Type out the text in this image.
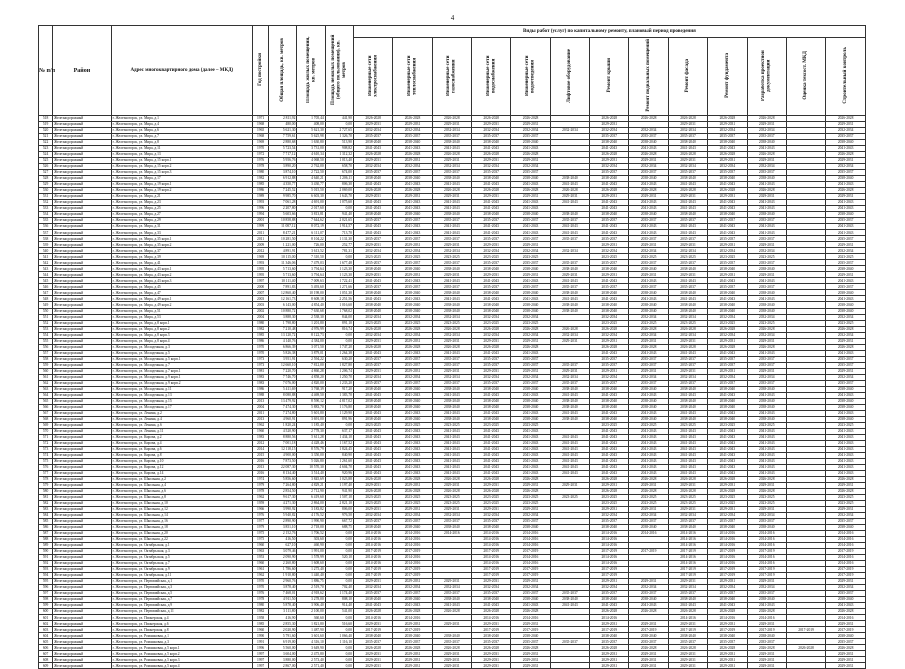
4
№ п/п	Район	Адрес многоквартирного дома (далее – МКД)	Год постройки	Общая площадь, кв. метров	Площадь жилых помещений, кв. метров	Площадь нежилых помещений (общего пользования), кв. метров	Виды работ (услуг) по капитальному ремонту, плановый период проведения												
							Инженерные сети электроснабжения	Инженерные сети теплоснабжения	Инженерные сети газоснабжения	Инженерные сети водоснабжения	Инженерные сети водоотведения	Лифтовое оборудование	Ремонт крыши	Ремонт подвальных помещений	Ремонт фасада	Ремонт фундамента	Разработка проектной документации	Оценка техсост. МКД	Строительный контроль
518	Железнодорожный	г. Железногорск, ул. Мира, д.1	1971	2 811,92	1 705,44	441,90	2026-2028	2026-2028	2026-2028	2026-2028	2026-2028		2026-2028	2026-2028	2026-2028	2026-2028	2026-2028		2026-2028
519	Железнодорожный	г. Железногорск, ул. Мира, д.4	1968	480,00	408,00	0,00	2029-2031	2029-2031	2029-2031	2029-2031	2029-2031		2029-2031		2029-2031	2029-2031	2029-2031		2029-2031
520	Железнодорожный	г. Железногорск, ул. Мира, д.6	1965	5 621,30	5 621,30	2 727,65	2032-2034	2032-2034	2032-2034	2032-2034	2032-2034	2032-2034	2032-2034	2032-2034	2032-2034	2032-2034	2032-2034		2032-2034
521	Железнодорожный	г. Железногорск, ул. Мира, д.7	1968	7 759,61	5 625,98	1 326,70	2035-2037	2035-2037	2035-2037	2035-2037	2035-2037		2035-2037	2035-2037	2035-2037	2035-2037	2035-2037		2035-2037
522	Железнодорожный	г. Железногорск, ул. Мира, д.8	1969	2 880,68	1 630,80	513,90	2038-2040	2038-2040	2038-2040	2038-2040	2038-2040		2038-2040	2038-2040	2038-2040	2038-2040	2038-2040		2038-2040
523	Железнодорожный	г. Железногорск, ул. Мира, д.11	1970	5 723,54	3 731,00	908,82	2041-2043	2041-2043	2041-2043	2041-2043	2041-2043		2041-2043	2041-2043	2041-2043	2041-2043	2041-2043		2041-2043
524	Железнодорожный	г. Железногорск, ул. Мира, д.13	1972	7 717,12	4 610,34	1 312,32	2026-2028	2026-2028	2026-2028	2026-2028	2026-2028		2026-2028	2026-2028	2026-2028	2026-2028	2026-2028		2026-2028
525	Железнодорожный	г. Железногорск, ул. Мира, д.15 корп.1	1976	5 956,76	4 068,50	1 013,40	2029-2031	2029-2031	2029-2031	2029-2031	2029-2031		2029-2031	2029-2031	2029-2031	2029-2031	2029-2031		2029-2031
526	Железнодорожный	г. Железногорск, ул. Мира, д.15 корп.2	1978	3 890,20	2 762,00	658,70	2032-2034	2032-2034	2032-2034	2032-2034	2032-2034		2032-2034	2032-2034	2032-2034	2032-2034	2032-2034		2032-2034
527	Железнодорожный	г. Железногорск, ул. Мира, д.15 корп.3	1980	3 874,10	2 722,50	674,00	2035-2037	2035-2037	2035-2037	2035-2037	2035-2037		2035-2037	2035-2037	2035-2037	2035-2037	2035-2037		2035-2037
528	Железнодорожный	г. Железногорск, ул. Мира, д.17	1982	6 912,88	4 640,21	1 206,11	2038-2040	2038-2040	2038-2040	2038-2040	2038-2040	2038-2040	2038-2040	2038-2040	2038-2040	2038-2040	2038-2040		2038-2040
529	Железнодорожный	г. Железногорск, ул. Мира, д.19 корп.1	1985	4 350,77	3 430,77	806,30	2041-2043	2041-2043	2041-2043	2041-2043	2041-2043	2041-2043	2041-2043	2041-2043	2041-2043	2041-2043	2041-2043		2041-2043
530	Железнодорожный	г. Железногорск, ул. Мира, д.19 корп.2	1986	7 245,52	5 015,50	2 069,00	2026-2028	2026-2028	2026-2028	2026-2028	2026-2028	2026-2028	2026-2028	2026-2028	2026-2028	2026-2028	2026-2028		2026-2028
531	Железнодорожный	г. Железногорск, ул. Мира, д.21	1989	9 985,70	6 603,30	1 643,70	2029-2031	2029-2031	2029-2031	2029-2031	2029-2031	2029-2031	2029-2031	2029-2031	2029-2031	2029-2031	2029-2031		2029-2031
532	Железнодорожный	г. Железногорск, ул. Мира, д.23	1993	7 061,28	4 691,00	1 075,60	2041-2043	2041-2043	2041-2043	2041-2043	2041-2043	2041-2043	2041-2043	2041-2043	2041-2043	2041-2043	2041-2043		2041-2043
533	Железнодорожный	г. Железногорск, ул. Мира, д.25	1996	2 207,80	2 017,60	0,00	2041-2043	2041-2043	2041-2043	2041-2043	2041-2043		2041-2043	2041-2043	2041-2043	2041-2043	2041-2043		2041-2043
534	Железнодорожный	г. Железногорск, ул. Мира, д.27	1994	5 603,66	3 813,81	941,40	2038-2040	2038-2040	2038-2040	2038-2040	2038-2040	2038-2040	2038-2040	2038-2040	2038-2040	2038-2040	2038-2040		2038-2040
535	Железнодорожный	г. Железногорск, ул. Мира, д.29	2001	10 858,88	7 644,62	2 021,65	2035-2037	2035-2037	2035-2037	2035-2037	2035-2037	2035-2037	2035-2037	2035-2037	2035-2037	2035-2037	2035-2037		2035-2037
536	Железнодорожный	г. Железногорск, ул. Мира, д.31	1999	11 087,12	8 072,19	1 914,57	2041-2043	2041-2043	2041-2043	2041-2043	2041-2043	2041-2043	2041-2043	2041-2043	2041-2043	2041-2043	2041-2043		2041-2043
537	Железнодорожный	г. Железногорск, ул. Мира, д.33	2011	8 477,21	6 111,07	713,70	2041-2043	2041-2043	2041-2043	2041-2043	2041-2043	2041-2043	2041-2043	2041-2043	2041-2043	2041-2043	2041-2043		2041-2043
538	Железнодорожный	г. Железногорск, ул. Мира, д.35 корп.1	2011	10 281,50	8 104,22	1 131,30	2035-2037	2035-2037	2035-2037	2035-2037	2035-2037	2035-2037	2035-2037	2035-2037	2035-2037	2035-2037	2035-2037		2035-2037
539	Железнодорожный	г. Железногорск, ул. Мира, д.35 корп.2	2009	1 221,00	726,00	252,77	2029-2031	2029-2031	2029-2031	2029-2031	2029-2031		2029-2031	2029-2031	2029-2031	2029-2031	2029-2031		2029-2031
540	Железнодорожный	г. Железногорск, ул. Мира, д.37	2012	4 891,91	3 613,52	781,31	2032-2034	2032-2034	2032-2034	2032-2034	2032-2034	2032-2034	2032-2034	2032-2034	2032-2034	2032-2034	2032-2034		2032-2034
541	Железнодорожный	г. Железногорск, ул. Мира, д.39	1969	10 115,00	7 310,50	0,00	2023-2025	2023-2025	2023-2025	2023-2025	2023-2025		2023-2025	2023-2025	2023-2025	2023-2025	2023-2025		2023-2025
542	Железнодорожный	г. Железногорск, ул. Мира, д.41	1993	11 346,06	7 479,03	1 677,48	2035-2037	2035-2037	2035-2037	2035-2037	2035-2037	2035-2037	2035-2037	2035-2037	2035-2037	2035-2037	2035-2037		2035-2037
543	Железнодорожный	г. Железногорск, ул. Мира, д.43 корп.1	1995	5 713,60	3 794,64	1 123,30	2038-2040	2038-2040	2038-2040	2038-2040	2038-2040	2038-2040	2038-2040	2038-2040	2038-2040	2038-2040	2038-2040		2038-2040
544	Железнодорожный	г. Железногорск, ул. Мира, д.43 корп.2	1995	5 713,60	3 794,64	1 123,30	2029-2031	2029-2031	2029-2031	2029-2031	2029-2031	2029-2031	2029-2031	2029-2031	2029-2031	2029-2031	2029-2031		2029-2031
545	Железнодорожный	г. Железногорск, ул. Мира, д.43 корп.3	1997	10 111,40	7 009,63	1 722,41	2041-2043	2041-2043	2041-2043	2041-2043	2041-2043	2041-2043	2041-2043	2041-2043	2041-2043	2041-2043	2041-2043		2041-2043
546	Железнодорожный	г. Железногорск, ул. Мира, д.45	2000	7 891,83	5 493,60	1 271,66	2035-2037	2035-2037	2035-2037	2035-2037	2035-2037	2035-2037	2035-2037	2035-2037	2035-2037	2035-2037	2035-2037		2035-2037
547	Железнодорожный	г. Железногорск, ул. Мира, д.47	2007	12 860,40	10 198,00	1 051,30	2038-2040	2038-2040	2038-2040	2038-2040	2038-2040	2038-2040	2038-2040	2038-2040	2038-2040	2038-2040	2038-2040		2038-2040
548	Железнодорожный	г. Железногорск, ул. Мира, д.49 корп.1	2003	12 161,73	8 608,18	2 251,56	2041-2043	2041-2043	2041-2043	2041-2043	2041-2043	2041-2043	2041-2043	2041-2043	2041-2043	2041-2043	2041-2043		2041-2043
549	Железнодорожный	г. Железногорск, ул. Мира, д.49 корп.2	2003	6 143,00	4 854,40	1 016,60	2038-2040	2038-2040	2038-2040	2038-2040	2038-2040	2038-2040	2038-2040	2038-2040	2038-2040	2038-2040	2038-2040		2038-2040
550	Железнодорожный	г. Железногорск, ул. Мира, д.51	2002	10 880,72	7 630,68	1 768,02	2038-2040	2038-2040	2038-2040	2038-2040	2038-2040	2038-2040	2038-2040	2038-2040	2038-2040	2038-2040	2038-2040		2038-2040
551	Железнодорожный	г. Железногорск, ул. Мира, д.53	2004	3 888,30	2 538,30	844,00	2032-2034	2032-2034	2032-2034	2032-2034	2032-2034		2032-2034	2032-2034	2032-2034	2032-2034	2032-2034		2032-2034
552	Железнодорожный	г. Железногорск, ул. Мира, д.8 корп.1	1980	1 798,80	1 201,80	891,10	2023-2025	2023-2025	2023-2025	2023-2025	2023-2025		2023-2025	2023-2025	2023-2025	2023-2025	2023-2025		2023-2025
553	Железнодорожный	г. Железногорск, ул. Мира, д.8 корп.2	1982	7 210,48	4 976,99	816,74	2026-2028	2026-2028	2026-2028	2026-2028	2026-2028	2026-2028	2026-2028	2026-2028	2026-2028	2026-2028	2026-2028		2026-2028
554	Железнодорожный	г. Железногорск, ул. Мира, д.8 корп.3	1985	13 120,72	8 122,73	0,00	2032-2034	2032-2034	2032-2034	2032-2034	2032-2034	2032-2034	2032-2034	2032-2034	2032-2034	2032-2034	2032-2034		2032-2034
555	Железнодорожный	г. Железногорск, ул. Мира, д.8 корп.4	1986	4 140,76	4 384,00	0,00	2029-2031	2029-2031	2029-2031	2029-2031	2029-2031	2029-2031	2029-2031	2029-2031	2029-2031	2029-2031	2029-2031		2029-2031
556	Железнодорожный	г. Железногорск, ул. Молодежная, д.3	1970	6 866,39	3 071,50	1 747,20	2026-2028	2026-2028	2026-2028	2026-2028	2026-2028		2026-2028	2026-2028	2026-2028	2026-2028	2026-2028		2026-2028
557	Железнодорожный	г. Железногорск, ул. Молодежная, д.5	1970	5 826,38	3 879,01	1 264,38	2041-2043	2041-2043	2041-2043	2041-2043	2041-2043		2041-2043	2041-2043	2041-2043	2041-2043	2041-2043		2041-2043
558	Железнодорожный	г. Железногорск, ул. Молодежная, д.5 корп.1	1973	3 951,91	2 594,22	630,20	2035-2037	2035-2037	2035-2037	2035-2037	2035-2037		2035-2037	2035-2037	2035-2037	2035-2037	2035-2037		2035-2037
559	Железнодорожный	г. Железногорск, ул. Молодежная, д.7	1973	12 660,10	7 812,00	1 827,80	2035-2037	2035-2037	2035-2037	2035-2037	2035-2037	2035-2037	2035-2037	2035-2037	2035-2037	2035-2037	2035-2037		2035-2037
560	Железнодорожный	г. Железногорск, ул. Молодежная, д.7 корп.1	1981	7 220,70	4 860,28	1 206,74	2029-2031	2029-2031	2029-2031	2029-2031	2029-2031	2029-2031	2029-2031	2029-2031	2029-2031	2029-2031	2029-2031		2029-2031
561	Железнодорожный	г. Железногорск, ул. Молодежная, д.9 корп.1	1983	7 746,70	4 858,20	1 250,70	2032-2034	2032-2034	2032-2034	2032-2034	2032-2034	2032-2034	2032-2034	2032-2034	2032-2034	2032-2034	2032-2034		2032-2034
562	Железнодорожный	г. Железногорск, ул. Молодежная, д.9 корп.2	1983	7 076,00	4 820,00	1 233,20	2035-2037	2035-2037	2035-2037	2035-2037	2035-2037	2035-2037	2035-2037	2035-2037	2035-2037	2035-2037	2035-2037		2035-2037
563	Железнодорожный	г. Железногорск, ул. Молодежная, д.11	1986	5 411,69	3 768,39	917,20	2038-2040	2038-2040	2038-2040	2038-2040	2038-2040	2038-2040	2038-2040	2038-2040	2038-2040	2038-2040	2038-2040		2038-2040
564	Железнодорожный	г. Железногорск, ул. Молодежная, д.13	1988	8 080,88	4 469,50	1 383,70	2041-2043	2041-2043	2041-2043	2041-2043	2041-2043	2041-2043	2041-2043	2041-2043	2041-2043	2041-2043	2041-2043		2041-2043
565	Железнодорожный	г. Железногорск, ул. Молодежная, д.15	2013	13 479,92	8 590,12	4 817,02	2038-2040	2038-2040	2038-2040	2038-2040	2038-2040	2038-2040	2038-2040	2038-2040	2038-2040	2038-2040	2038-2040		2038-2040
566	Железнодорожный	г. Железногорск, ул. Молодежная, д.17	2004	7 474,30	5 883,70	1 176,80	2038-2040	2038-2040	2038-2040	2038-2040	2038-2040	2038-2040	2038-2040	2038-2040	2038-2040	2038-2040	2038-2040		2038-2040
567	Железнодорожный	г. Железногорск, ул. Ленина, д.2	2011	7 274,80	5 601,80	1 129,90	2041-2043	2041-2043	2041-2043	2041-2043	2041-2043	2041-2043	2041-2043	2041-2043	2041-2043	2041-2043	2041-2043		2041-2043
568	Железнодорожный	г. Железногорск, ул. Ленина, д.4	2013	4 960,91	3 691,00	891,96	2038-2040	2038-2040	2038-2040	2038-2040	2038-2040	2038-2040	2038-2040	2038-2040	2038-2040	2038-2040	2038-2040		2038-2040
569	Железнодорожный	г. Железногорск, ул. Ленина, д.6	1962	1 820,24	1 185,40	0,00	2023-2025	2023-2025	2023-2025	2023-2025	2023-2025		2023-2025	2023-2025	2023-2025	2023-2025	2023-2025		2023-2025
570	Железнодорожный	г. Железногорск, ул. Ленина, д.11	1960	4 520,90	2 778,30	637,17	2041-2043	2041-2043	2041-2043	2041-2043	2041-2043		2041-2043	2041-2043	2041-2043	2041-2043	2041-2043		2041-2043
571	Железнодорожный	г. Железногорск, ул. Кирова, д.2	1983	8 880,56	5 611,28	1 434,10	2041-2043	2041-2043	2041-2043	2041-2043	2041-2043	2041-2043	2041-2043	2041-2043	2041-2043	2041-2043	2041-2043		2041-2043
572	Железнодорожный	г. Железногорск, ул. Кирова, д.4	2012	7 001,18	4 428,46	1 167,52	2041-2043	2041-2043	2041-2043	2041-2043	2041-2043	2041-2043	2041-2043	2041-2043	2041-2043	2041-2043	2041-2043		2041-2043
573	Железнодорожный	г. Железногорск, ул. Кирова, д.6	2014	12 118,15	8 576,79	1 824,45	2041-2043	2041-2043	2041-2043	2041-2043	2041-2043	2041-2043	2041-2043	2041-2043	2041-2043	2041-2043	2041-2043		2041-2043
574	Железнодорожный	г. Железногорск, ул. Кирова, д.8	2015	4 900,00	3 350,00	840,90	2041-2043	2041-2043	2041-2043	2041-2043	2041-2043	2041-2043	2041-2043	2041-2043	2041-2043	2041-2043	2041-2043		2041-2043
575	Железнодорожный	г. Железногорск, ул. Кирова, д.10	2016	7 873,50	5 026,80	1 261,60	2041-2043	2041-2043	2041-2043	2041-2043	2041-2043	2041-2043	2041-2043	2041-2043	2041-2043	2041-2043	2041-2043		2041-2043
576	Железнодорожный	г. Железногорск, ул. Кирова, д.12	2013	22 087,30	10 570,30	4 604,70	2041-2043	2041-2043	2041-2043	2041-2043	2041-2043	2041-2043	2041-2043	2041-2043	2041-2043	2041-2043	2041-2043		2041-2043
577	Железнодорожный	г. Железногорск, ул. Кирова, д.14	2016	8 134,40	3 514,40	920,96	2041-2043	2041-2043	2041-2043	2041-2043	2041-2043	2041-2043	2041-2043	2041-2043	2041-2043	2041-2043	2041-2043		2041-2043
578	Железнодорожный	г. Железногорск, ул. Школьная, д.2	1974	5 856,60	3 845,69	1 023,88	2026-2028	2026-2028	2026-2028	2026-2028	2026-2028		2026-2028	2026-2028	2026-2028	2026-2028	2026-2028		2026-2028
579	Железнодорожный	г. Железногорск, ул. Школьная, д.4	1979	7 264,80	4 829,21	1 197,40	2029-2031	2029-2031	2029-2031	2029-2031	2029-2031	2029-2031	2029-2031	2029-2031	2029-2031	2029-2031	2029-2031		2029-2031
580	Железнодорожный	г. Железногорск, ул. Школьная, д.6	1978	2 854,50	2 712,90	941,90	2026-2028	2026-2028	2026-2028	2026-2028	2026-2028		2026-2028	2026-2028	2026-2028	2026-2028	2026-2028		2026-2028
581	Железнодорожный	г. Железногорск, ул. Школьная, д.8	1962	9 617,30	6 419,60	1 507,10	2023-2025	2023-2025	2023-2025	2023-2025	2023-2025	2023-2025	2023-2025	2023-2025	2023-2025	2023-2025	2023-2025		2023-2025
582	Железнодорожный	г. Железногорск, ул. Школьная, д.10	1959	4 271,30	2 864,00	2 821,10	2023-2025	2023-2025	2023-2025	2023-2025	2023-2025		2023-2025	2023-2025	2023-2025	2023-2025	2023-2025		2023-2025
583	Железнодорожный	г. Железногорск, ул. Школьная, д.12	1966	3 990,92	3 183,82	806,00	2029-2031	2029-2031	2029-2031	2029-2031	2029-2031		2029-2031	2029-2031	2029-2031	2029-2031	2029-2031		2029-2031
584	Железнодорожный	г. Железногорск, ул. Школьная, д.14	1976	5 940,82	4 176,52	976,50	2032-2034	2032-2034	2032-2034	2032-2034	2032-2034		2032-2034	2032-2034	2032-2034	2032-2034	2032-2034		2032-2034
585	Железнодорожный	г. Железногорск, ул. Школьная, д.16	1977	2 890,90	1 990,90	667,72	2035-2037	2035-2037	2035-2037	2035-2037	2035-2037		2035-2037	2035-2037	2035-2037	2035-2037	2035-2037		2035-2037
586	Железнодорожный	г. Железногорск, ул. Школьная, д.18	1979	3 851,10	2 718,00	688,75	2038-2040	2038-2040	2038-2040	2038-2040	2038-2040		2038-2040	2038-2040	2038-2040	2038-2040	2038-2040		2038-2040
587	Железнодорожный	г. Железногорск, ул. Школьная, д.20	1975	2 152,76	1 706,52	0,00	2014-2016	2014-2016	2014-2016	2014-2016	2014-2016		2014-2016	2014-2016	2014-2016	2014-2016	2014-2016		2014-2016
588	Железнодорожный	г. Железногорск, ул. Школьная, д.22	1975	416,50	303,60	0,00	2014-2016	2014-2016		2014-2016	2014-2016		2014-2016		2014-2016	2014-2016	2014-2016		2014-2016
589	Железнодорожный	г. Железногорск, ул. Октябрьская, д.1	1960	627,10	460,90	0,00	2014-2016	2014-2016		2014-2016	2014-2016		2014-2016		2014-2016	2014-2016	2014-2016		2014-2016
590	Железнодорожный	г. Железногорск, ул. Октябрьская, д.3	1963	3 079,46	1 991,00	0,00	2017-2019	2017-2019		2017-2019	2017-2019		2017-2019	2017-2019	2017-2019	2017-2019	2017-2019		2017-2019
591	Железнодорожный	г. Железногорск, ул. Октябрьская, д.5	1953	2 090,90	1 578,99	520,10	2014-2016	2014-2016		2014-2016	2014-2016		2014-2016		2014-2016	2014-2016	2014-2016		2014-2016
592	Железнодорожный	г. Железногорск, ул. Октябрьская, д.7	1960	2 260,80	1 608,60	0,00	2014-2016	2014-2016		2014-2016	2014-2016		2014-2016		2014-2016	2014-2016	2014-2016		2014-2016
593	Железнодорожный	г. Железногорск, ул. Октябрьская, д.9	1961	1 786,60	1 275,40	0,00	2017-2019	2017-2019		2017-2019	2017-2019		2017-2019		2017-2019	2017-2019	2017-2019		2017-2019
594	Железнодорожный	г. Железногорск, ул. Октябрьская, д.11	1962	1 910,80	1 440,40	0,00	2017-2019	2017-2019		2017-2019	2017-2019		2017-2019		2017-2019	2017-2019	2017-2019		2017-2019
595	Железнодорожный	г. Железногорск, ул. Первомайская, д.1	1970	2 960,76	1 886,75	0,00	2029-2031	2029-2031	2029-2031	2029-2031	2029-2031		2029-2031	2029-2031	2029-2031	2029-2031	2029-2031		2029-2031
596	Железнодорожный	г. Железногорск, ул. Первомайская, д.3	1970	3 878,40	2 519,70	702,40	2032-2034	2032-2034	2032-2034	2032-2034	2032-2034		2032-2034	2032-2034	2032-2034	2032-2034	2032-2034		2032-2034
597	Железнодорожный	г. Железногорск, ул. Первомайская, д.5	1976	7 468,01	4 918,62	1 174,40	2035-2037	2035-2037	2035-2037	2035-2037	2035-2037	2035-2037	2035-2037	2035-2037	2035-2037	2035-2037	2035-2037		2035-2037
598	Железнодорожный	г. Железногорск, ул. Первомайская, д.7	1978	4 911,50	3 278,00	808,10	2038-2040	2038-2040	2038-2040	2038-2040	2038-2040	2038-2040	2038-2040	2038-2040	2038-2040	2038-2040	2038-2040		2038-2040
599	Железнодорожный	г. Железногорск, ул. Первомайская, д.9	1980	5 878,40	3 906,40	914,40	2041-2043	2041-2043	2041-2043	2041-2043	2041-2043	2041-2043	2041-2043	2041-2043	2041-2043	2041-2043	2041-2043		2041-2043
600	Железнодорожный	г. Железногорск, ул. Первомайская, д.11	1982	3 111,80	2 100,00	541,00	2026-2028	2026-2028	2026-2028	2026-2028	2026-2028		2026-2028	2026-2028	2026-2028	2026-2028	2026-2028		2026-2028
601	Железнодорожный	г. Железногорск, ул. Пионерская, д.4	1958	416,90	360,60	0,00	2014-2016	2014-2016		2014-2016	2014-2016		2014-2016		2014-2016	2014-2016	2014-2016		2014-2016
602	Железнодорожный	г. Железногорск, ул. Пионерская, д.6	1985	2 855,30	1 821,80	516,60	2029-2031	2029-2031	2029-2031	2029-2031	2029-2031		2029-2031	2029-2031	2029-2031	2029-2031	2029-2031		2029-2031
603	Железнодорожный	г. Железногорск, ул. Пионерская, д.8	1960	2 020,90	1 487,90	0,00	2017-2019	2017-2019		2017-2019	2017-2019		2017-2019	2017-2019	2017-2019	2017-2019	2017-2019	2017-2019	2017-2019
604	Железнодорожный	г. Железногорск, ул. Ромашковая, д.1	1990	5 791,60	3 601,60	1 066,40	2038-2040	2038-2040	2038-2040	2038-2040	2038-2040		2038-2040	2038-2040	2038-2040	2038-2040	2038-2040		2038-2040
605	Железнодорожный	г. Железногорск, ул. Ромашковая, д.3	1991	6 919,00	4 316,10	1 116,10	2035-2037	2035-2037	2035-2037	2035-2037	2035-2037	2035-2037	2035-2037	2035-2037	2035-2037	2035-2037	2035-2037		2035-2037
606	Железнодорожный	г. Железногорск, ул. Ромашковая, д.5 корп.1	1996	5 560,00	3 649,90	0,00	2026-2028	2026-2028	2026-2028	2026-2028	2026-2028		2026-2028	2026-2028	2026-2028	2026-2028	2026-2028	2026-2028	2026-2028
607	Железнодорожный	г. Железногорск, ул. Ромашковая, д.5 корп.2	1997	3 604,00	2 475,80	0,00	2029-2031	2029-2031	2029-2031	2029-2031	2029-2031		2029-2031	2029-2031	2029-2031	2029-2031	2029-2031		2029-2031
608	Железнодорожный	г. Железногорск, ул. Ромашковая, д.5 корп.3	1997	3 880,00	2 573,40	0,00	2029-2031	2029-2031	2029-2031	2029-2031	2029-2031		2029-2031	2029-2031	2029-2031	2029-2031	2029-2031		2029-2031
609	Железнодорожный	г. Железногорск, ул. Ромашковая, д.5 корп.4	1997	2 867,00	2 571,40	0,00	2029-2031	2029-2031	2029-2031	2029-2031	2029-2031		2029-2031	2029-2031	2029-2031	2029-2031	2029-2031		2029-2031
